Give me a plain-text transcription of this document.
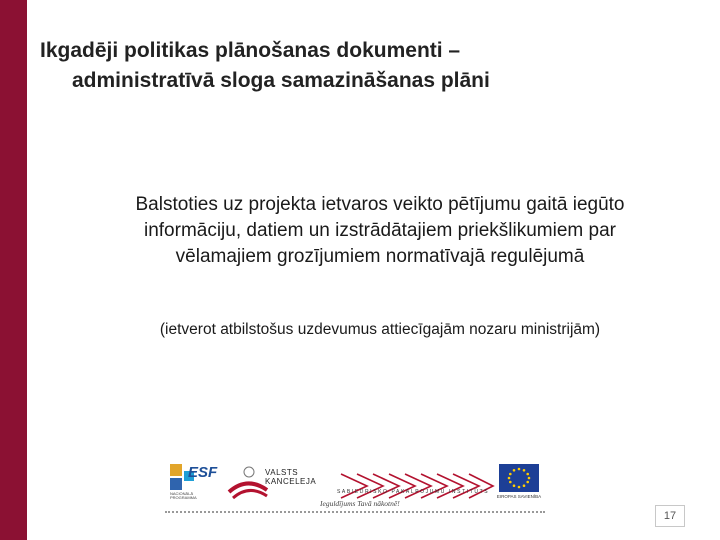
Ikgadēji politikas plānošanas dokumenti –
administratīvā sloga samazināšanas plāni

Balstoties uz projekta ietvaros veikto pētījumu gaitā iegūto
informāciju, datiem un izstrādātajiem priekšlikumiem par
vēlamajiem grozījumiem normatīvajā regulējumā

(ietverot atbilstošus uzdevumus attiecīgajām nozaru ministrijām)

ESF
NACIONĀLĀ PROGRAMMA
VALSTS
KANCELEJA
SABIEDRISKO PAKALPOJUMU INSTITŪTS
EIROPAS SAVIENĪBA
Ieguldījums Tavā nākotnē!
17
